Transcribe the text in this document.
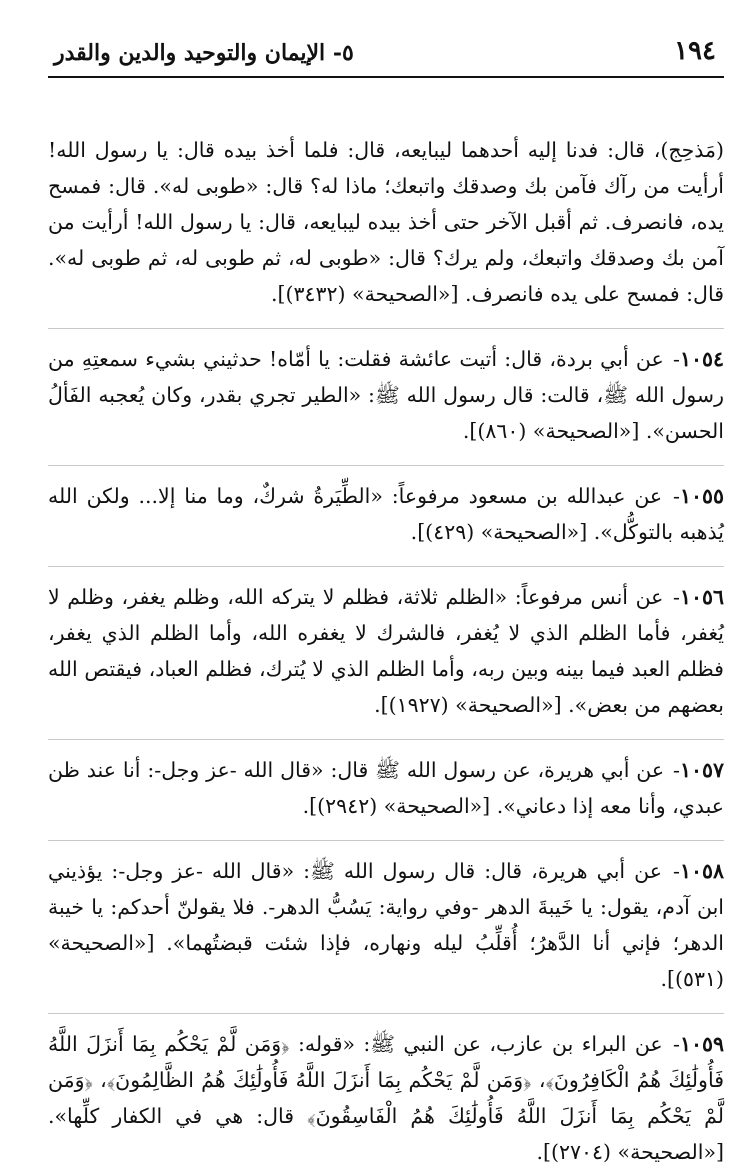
١٩٤
٥- الإيمان والتوحيد والدين والقدر

(مَذحِج)، قال: فدنا إليه أحدهما ليبايعه، قال: فلما أخذ بيده قال: يا رسول الله! أرأيت من رآك فآمن بك وصدقك واتبعك؛ ماذا له؟ قال: «طوبى له». قال: فمسح يده، فانصرف. ثم أقبل الآخر حتى أخذ بيده ليبايعه، قال: يا رسول الله! أرأيت من آمن بك وصدقك واتبعك، ولم يرك؟ قال: «طوبى له، ثم طوبى له، ثم طوبى له». قال: فمسح على يده فانصرف. [«الصحيحة» (٣٤٣٢)].

١٠٥٤- عن أبي بردة، قال: أتيت عائشة فقلت: يا أمّاه! حدثيني بشيء سمعتِهِ من رسول الله ﷺ، قالت: قال رسول الله ﷺ: «الطير تجري بقدر، وكان يُعجبه الفَألُ الحسن». [«الصحيحة» (٨٦٠)].

١٠٥٥- عن عبدالله بن مسعود مرفوعاً: «الطِّيَرةُ شركٌ، وما منا إلا... ولكن الله يُذهبه بالتوكُّل». [«الصحيحة» (٤٢٩)].

١٠٥٦- عن أنس مرفوعاً: «الظلم ثلاثة، فظلم لا يتركه الله، وظلم يغفر، وظلم لا يُغفر، فأما الظلم الذي لا يُغفر، فالشرك لا يغفره الله، وأما الظلم الذي يغفر، فظلم العبد فيما بينه وبين ربه، وأما الظلم الذي لا يُترك، فظلم العباد، فيقتص الله بعضهم من بعض». [«الصحيحة» (١٩٢٧)].

١٠٥٧- عن أبي هريرة، عن رسول الله ﷺ قال: «قال الله -عز وجل-: أنا عند ظن عبدي، وأنا معه إذا دعاني». [«الصحيحة» (٢٩٤٢)].

١٠٥٨- عن أبي هريرة، قال: قال رسول الله ﷺ: «قال الله -عز وجل-: يؤذيني ابن آدم، يقول: يا خَيبةَ الدهر -وفي رواية: يَسُبُّ الدهر-. فلا يقولنّ أحدكم: يا خيبة الدهر؛ فإني أنا الدَّهرُ؛ أُقلِّبُ ليله ونهاره، فإذا شئت قبضتُهما». [«الصحيحة» (٥٣١)].

١٠٥٩- عن البراء بن عازب، عن النبي ﷺ: «قوله: ﴿وَمَن لَّمْ يَحْكُم بِمَا أَنزَلَ اللَّهُ فَأُولَٰئِكَ هُمُ الْكَافِرُونَ﴾، ﴿وَمَن لَّمْ يَحْكُم بِمَا أَنزَلَ اللَّهُ فَأُولَٰئِكَ هُمُ الظَّالِمُونَ﴾، ﴿وَمَن لَّمْ يَحْكُم بِمَا أَنزَلَ اللَّهُ فَأُولَٰئِكَ هُمُ الْفَاسِقُونَ﴾ قال: هي في الكفار كلِّها». [«الصحيحة» (٢٧٠٤)].
